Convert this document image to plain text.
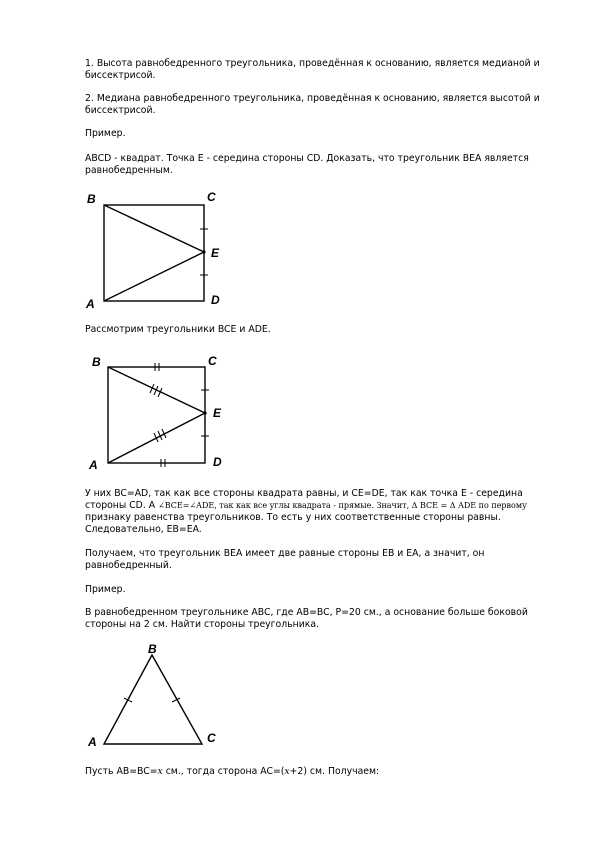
1. Высота равнобедренного треугольника, проведённая к основанию, является медианой и биссектрисой.

2. Медиана равнобедренного треугольника, проведённая к основанию, является высотой и биссектрисой.

Пример.

ABCD - квадрат. Точка E - середина стороны CD. Доказать, что треугольник BEA является равнобедренным.

B	C
E
A	D

Рассмотрим треугольники BCE и ADE.

B	C
E
A	D

У них BC=AD, так как все стороны квадрата равны, и CE=DE, так как точка E - середина стороны CD. A ∠BCE=∠ADE, так как все углы квадрата - прямые. Значит, Δ BCE = Δ ADE по первому признаку равенства треугольников. То есть у них соответственные стороны равны. Следовательно, EB=EA.

Получаем, что треугольник BEA имеет две равные стороны EB и EA, а значит, он равнобедренный.

Пример.

В равнобедренном треугольнике ABC, где AB=BC, P=20 см., а основание больше боковой стороны на 2 см. Найти стороны треугольника.

B
A	C

Пусть AB=BC=x см., тогда сторона AC=(x+2) см. Получаем:
